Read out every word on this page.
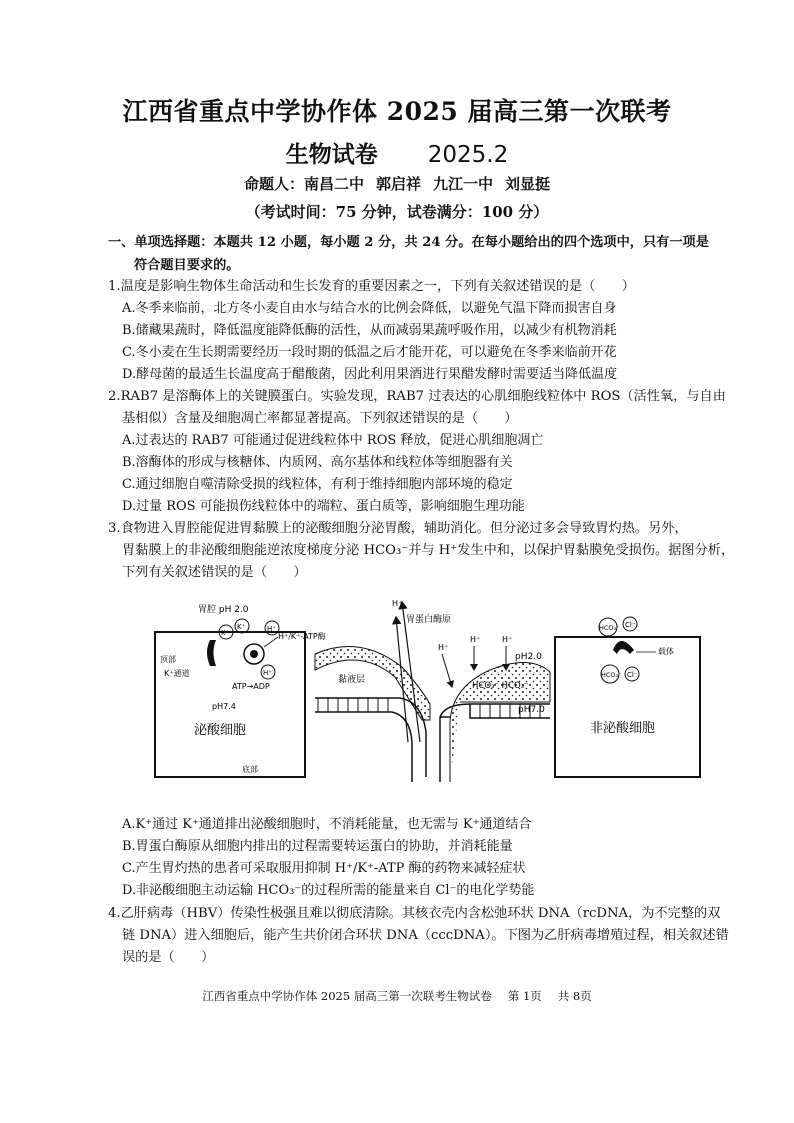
江西省重点中学协作体 2025 届高三第一次联考
生物试卷 2025.2
命题人：南昌二中 郭启祥 九江一中 刘显挺
（考试时间：75 分钟，试卷满分：100 分）
一、单项选择题：本题共 12 小题，每小题 2 分，共 24 分。在每小题给出的四个选项中，只有一项是
符合题目要求的。
1.温度是影响生物体生命活动和生长发育的重要因素之一，下列有关叙述错误的是（　　）
A.冬季来临前，北方冬小麦自由水与结合水的比例会降低，以避免气温下降而损害自身
B.储藏果蔬时，降低温度能降低酶的活性，从而减弱果蔬呼吸作用，以减少有机物消耗
C.冬小麦在生长期需要经历一段时期的低温之后才能开花，可以避免在冬季来临前开花
D.酵母菌的最适生长温度高于醋酸菌，因此利用果酒进行果醋发酵时需要适当降低温度
2.RAB7 是溶酶体上的关键膜蛋白。实验发现，RAB7 过表达的心肌细胞线粒体中 ROS（活性氧，与自由
基相似）含量及细胞凋亡率都显著提高。下列叙述错误的是（　　）
A.过表达的 RAB7 可能通过促进线粒体中 ROS 释放，促进心肌细胞凋亡
B.溶酶体的形成与核糖体、内质网、高尔基体和线粒体等细胞器有关
C.通过细胞自噬清除受损的线粒体，有利于维持细胞内部环境的稳定
D.过量 ROS 可能损伤线粒体中的端粒、蛋白质等，影响细胞生理功能
3.食物进入胃腔能促进胃黏膜上的泌酸细胞分泌胃酸，辅助消化。但分泌过多会导致胃灼热。另外，
胃黏膜上的非泌酸细胞能逆浓度梯度分泌 HCO₃⁻并与 H⁺发生中和，以保护胃黏膜免受损伤。据图分析，
下列有关叙述错误的是（　　）
胃腔 pH 2.0
顶部
K⁺通道
H⁺/K⁺-ATP酶
K⁺
K⁺	H⁺
H⁺
ATP→ADP
pH7.4
泌酸细胞
底部
黏液层
H⁺
胃蛋白酶原
H⁺
H⁺	H⁺
HCO₃⁻ HCO₃⁻
pH2.0
pH7.0
HCO₃⁻ Cl⁻
载体
HCO₃⁻ Cl⁻
非泌酸细胞
A.K⁺通过 K⁺通道排出泌酸细胞时，不消耗能量，也无需与 K⁺通道结合
B.胃蛋白酶原从细胞内排出的过程需要转运蛋白的协助，并消耗能量
C.产生胃灼热的患者可采取服用抑制 H⁺/K⁺-ATP 酶的药物来减轻症状
D.非泌酸细胞主动运输 HCO₃⁻的过程所需的能量来自 Cl⁻的电化学势能
4.乙肝病毒（HBV）传染性极强且难以彻底清除。其核衣壳内含松弛环状 DNA（rcDNA，为不完整的双
链 DNA）进入细胞后，能产生共价闭合环状 DNA（cccDNA）。下图为乙肝病毒增殖过程，相关叙述错
误的是（　　）
江西省重点中学协作体 2025 届高三第一次联考生物试卷 第 1页 共 8页
